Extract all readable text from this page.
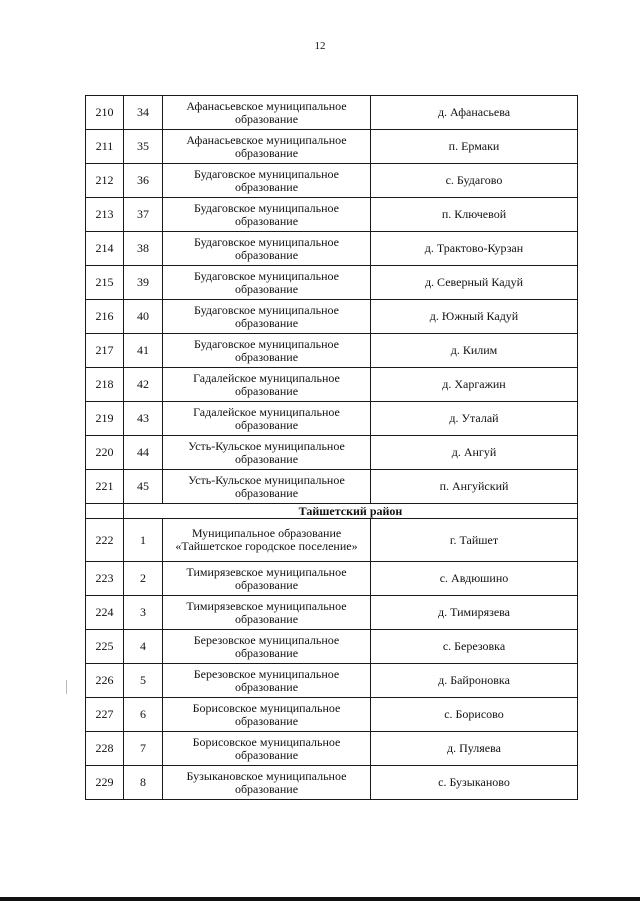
12
210	34	Афанасьевское муниципальное образование	д. Афанасьева
211	35	Афанасьевское муниципальное образование	п. Ермаки
212	36	Будаговское муниципальное образование	с. Будагово
213	37	Будаговское муниципальное образование	п. Ключевой
214	38	Будаговское муниципальное образование	д. Трактово-Курзан
215	39	Будаговское муниципальное образование	д. Северный Кадуй
216	40	Будаговское муниципальное образование	д. Южный Кадуй
217	41	Будаговское муниципальное образование	д. Килим
218	42	Гадалейское муниципальное образование	д. Харгажин
219	43	Гадалейское муниципальное образование	д. Уталай
220	44	Усть-Кульское муниципальное образование	д. Ангуй
221	45	Усть-Кульское муниципальное образование	п. Ангуйский
	Тайшетский район		
222	1	Муниципальное образование «Тайшетское городское поселение»	г. Тайшет
223	2	Тимирязевское муниципальное образование	с. Авдюшино
224	3	Тимирязевское муниципальное образование	д. Тимирязева
225	4	Березовское муниципальное образование	с. Березовка
226	5	Березовское муниципальное образование	д. Байроновка
227	6	Борисовское муниципальное образование	с. Борисово
228	7	Борисовское муниципальное образование	д. Пуляева
229	8	Бузыкановское муниципальное образование	с. Бузыканово
